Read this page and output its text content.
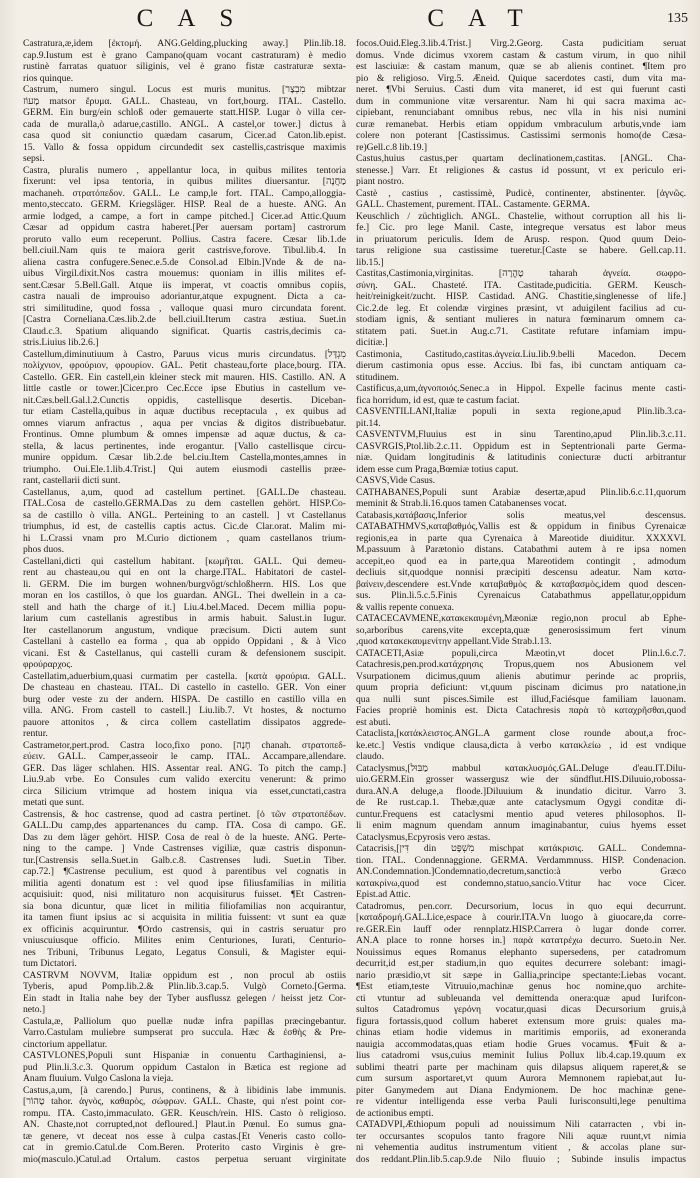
CAS	CAT	135
Castratura,æ,idem [ἐκτομή. ANG.Gelding,plucking away.] Plin.lib.18.
cap.9.Iustum est è grano Campano(quam vocant castraturam) è medio
rustinè farratas quatuor siliginis, vel è grano fistæ castraturæ sexta-
rios quinque.
Castrum, numero singul. Locus est muris munitus. [מִבְצָר mibtzar
מָעוֹז matsor ἔρυμα. GALL. Chasteau, vn fort,bourg. ITAL. Castello.
GERM. Ein burg/ein schloß oder gemauerte statt.HISP. Lugar ò villa cer-
cada de muralla,ò adarue,castillo. ANGL. A castel,or tower.] dictus à
casa quod sit coniunctio quædam casarum, Cicer.ad Caton.lib.epist.
15. Vallo & fossa oppidum circundedit sex castellis,castrisque maximis
sepsi.
Castra, pluralis numero , appellantur loca, in quibus milites tentoria
fixerunt: vel ipsa tentoria, in quibus milites diuersantur. [מַחֲנֶה
machaneh. στρατόπεδον. GALL. Le camp,le fort. ITAL. Campo,alloggia-
mento,steccato. GERM. Kriegsläger. HISP. Real de a hueste. ANG. An
armie lodged, a campe, a fort in campe pitched.] Cicer.ad Attic.Quum
Cæsar ad oppidum castra haberet.[Per auersam portam] castrorum
proruto vallo eum receperunt. Pollius. Castra facere. Cæsar lib.1.de
bell.ciuil.Nam quis te maiora gerit castrisve,forove. Tibul.lib.4. In
aliena castra confugere.Senec.e.5.de Consol.ad Elbin.]Vnde & de na-
uibus Virgil.dixit.Nos castra mouemus: quoniam in illis milites ef-
sent.Cæsar 5.Bell.Gall. Atque iis imperat, vt coactis omnibus copiis,
castra nauali de improuiso adoriantur,atque expugnent. Dicta a ca-
stri similitudine, quod fossa , valloque quasi muro circundata forent.
[Castra Corneliana.Cæs.lib.2.de bell.ciuil.Iterum castra æstiua. Suet.in
Claud.c.3. Spatium aliquando significat. Quartis castris,decimis ca-
stris.Liuius lib.2.6.]
Castellum,diminutiuum à Castro, Paruus vicus muris circundatus. [מִגְדָּל
πολίχνιον, φρούριον, φρουρίον. GAL. Petit chasteau,forte place,bourg. ITA.
Castello. GER. Ein castell,ein kleiner steck mit mauren. HIS. Castillo. AN. A
little castle or tower.]Cicer.pro Cec.Ecce ipse Ebutius in castellum ve-
nit.Cæs.bell.Gal.l.2.Cunctis oppidis, castellisque desertis. Diceban-
tur etiam Castella,quibus in aquæ ductibus receptacula , ex quibus ad
omnes viarum anfractus , aqua per vncias & digitos distribuebatur.
Frontinus. Omne plumbum & omnes impensæ ad aquæ ductus, & ca-
stella, & lacus pertinentes, inde erogantur. [Vallo castellisque circu-
munire oppidum. Cæsar lib.2.de bel.ciu.Item Castella,montes,amnes in
triumpho. Oui.Ele.1.lib.4.Trist.] Qui autem eiusmodi castellis præe-
rant, castellarii dicti sunt.
Castellanus, a,um, quod ad castellum pertinet. [GALL.De chasteau.
ITAL.Cosa de castello.GERMA.Das zu dem castellen gehört. HISP.Co-
sa de castillo ò villa. ANGL. Perteining to an castell. ] vt Castellanus
triumphus, id est, de castellis captis actus. Cic.de Clar.orat. Malim mi-
hi L.Crassi vnam pro M.Curio dictionem , quam castellanos trium-
phos duos.
Castellani,dicti qui castellum habitant. [κωμῆται. GALL. Qui demeu-
rent au chasteau,ou qui en ont la charge.ITAL. Habitatori de castel-
li. GERM. Die im burgen wohnen/burgvögt/schloßherrn. HIS. Los que
moran en los castillos, ò que los guardan. ANGL. Thei dwellein in a ca-
stell and hath the charge of it.] Liu.4.bel.Maced. Decem millia popu-
larium cum castellanis agrestibus in armis habuit. Salust.in Iugur.
Iter castellanorum angustum, vndique præcisum. Dicti autem sunt
Castellani à castello ea forma , qua ab oppido Oppidani , & à Vico
vicani. Est & Castellanus, qui castelli curam & defensionem suscipit.
φρούραρχος.
Castellatim,aduerbium,quasi curmatim per castella. [κατὰ φρούρια. GALL.
De chasteau en chasteau. ITAL. Di castello in castello. GER. Von einer
burg oder veste zu der andern. HISPA. De castillo en castillo villa en
villa. ANG. From castell to castell.] Liu.lib.7. Vt hostes, & nocturno
pauore attonitos , & circa collem castellatim dissipatos aggrede-
rentur.
Castrametor,pert.prod. Castra loco,fixo pono. [חָנָה chanah. στρατοπεδ-
εύειν. GALL. Camper,asseoir le camp. ITAL. Accampare,allendare.
GER. Das läger schlahen. HIS. Assentar real. ANG. To pitch the camp.]
Liu.9.ab vrbe. Eo Consules cum valido exercitu venerunt: & primo
circa Silicium vtrimque ad hostem iniqua via esset,cunctati,castra
metati que sunt.
Castrensis, & hoc castrense, quod ad castra pertinet. [ὁ τῶν στρατοπέδων.
GALL.Du camp,des appartenances du camp. ITA. Cosa di campo. GE.
Das zu dem läger gehört. HISP. Cosa de real ò de la hueste. ANG. Perte-
ning to the campe. ] Vnde Castrenses vigiliæ, quæ castris disponun-
tur.[Castrensis sella.Suet.in Galb.c.8. Castrenses ludi. Suet.in Tiber.
cap.72.] ¶Castrense peculium, est quod à parentibus vel cognatis in
militia agenti donatum est : vel quod ipse filiusfamilias in militia
acquisiuit: quod, nisi militaturo non acquisiturus fuisset. ¶Et Castren-
sia bona dicuntur, quæ licet in militia filiofamilias non acquirantur,
ita tamen fiunt ipsius ac si acquisita in militia fuissent: vt sunt ea quæ
ex officinis acquiruntur. ¶Ordo castrensis, qui in castris seruatur pro
vniuscuiusque officio. Milites enim Centuriones, Iurati, Centurio-
nes Tribuni, Tribunus Legato, Legatus Consuli, & Magister equi-
tum Dictatori.
CASTRVM NOVVM, Italiæ oppidum est , non procul ab ostiis
Tyberis, apud Pomp.lib.2.& Plin.lib.3.cap.5. Vulgò Corneto.[Germa.
Ein stadt in Italia nahe bey der Tyber ausflussz gelegen / heisst jetz Cor-
neto.]
Castula,æ, Palliolum quo puellæ nudæ infra papillas præcingebantur.
Varro.Castulam muliebre sumpserat pro succula. Hæc & ἐσθὴς & Pre-
cinctorium appellatur.
CASTVLONES,Populi sunt Hispaniæ in conuentu Carthaginiensi, a-
pud Plin.li.3.c.3. Quorum oppidum Castalon in Bætica est regione ad
Anam fluuium. Vulgo Caslona la vieja.
Castus,a,um, [à carendo.] Purus, continens, & à libidinis labe immunis.
[טָהוֹר tahor. ἁγνὸς, καθαρὸς, σώφρων. GALL. Chaste, qui n'est point cor-
rompu. ITA. Casto,immaculato. GER. Keusch/rein. HIS. Casto ò religioso.
AN. Chaste,not corrupted,not defloured.] Plaut.in Pœnul. Eo sumus gna-
tæ genere, vt deceat nos esse à culpa castas.[Et Veneris casto collo-
cat in gremio.Catul.de Com.Beren. Proterito casto Virginis è gre-
mio(masculo.)Catul.ad Ortalum. castos perpetua seruant virginitate
focos.Ouid.Eleg.3.lib.4.Trist.] Virg.2.Georg. Casta pudicitiam seruat
domus. Vnde dicimus vxorem castam & castum virum, in quo nihil
est lasciuiæ: & castam manum, quæ se ab alienis continet. ¶Item pro
pio & religioso. Virg.5. Æneid. Quique sacerdotes casti, dum vita ma-
neret. ¶Vbi Seruius. Casti dum vita maneret, id est qui fuerunt casti
dum in communione vitæ versarentur. Nam hi qui sacra maxima ac-
cipiebant, renunciabant omnibus rebus, nec vlla in his nisi numini
curæ remanebat. Herbis etiam oppidum vmbraculum arbutis,vnde iam
colere non poterant [Castissimus. Castissimi sermonis homo(de Cæsa-
re)Gell.c.8 lib.19.]
Castus,huius castus,per quartam declinationem,castitas. [ANGL. Cha-
stenesse.] Varr. Et religiones & castus id possunt, vt ex periculo eri-
piant nostro.
Castè , castius , castissimè, Pudicè, continenter, abstinenter. [ἁγνῶς.
GALL. Chastement, purement. ITAL. Castamente. GERMA.
Keuschlich / züchtiglich. ANGL. Chastelie, without corruption all his li-
fe.] Cic. pro lege Manil. Caste, integreque versatus est labor meus
in priuatorum periculis. Idem de Arusp. respon. Quod quum Deio-
tarus religione sua castissime tueretur.[Caste se habere. Gell.cap.11.
lib.15.]
Castitas,Castimonia,virginitas. [טָהֳרָה taharah ἁγνεία. σωφρο-
σύνη. GAL. Chasteté. ITA. Castitade,pudicitia. GERM. Keusch-
heit/reinigkeit/zucht. HISP. Castidad. ANG. Chastitie,singlenesse of life.]
Cic.2.de leg. Et colendæ virgines præsint, vt aduigilent facilius ad cu-
stodiam ignis, & sentiant mulieres in natura fœminarum omnem ca-
stitatem pati. Suet.in Aug.c.71. Castitate refutare infamiam impu-
dicitiæ.]
Castimonia, Castitudo,castitas.ἁγνεία.Liu.lib.9.belli Macedon. Decem
dierum castimonia opus esse. Accius. Ibi fas, ibi cunctam antiquam ca-
stitudinem.
Castificus,a,um,ἁγνοποιός.Senec.a in Hippol. Expelle facinus mente casti-
fica horridum, id est, quæ te castum faciat.
CASVENTILLANI,Italiæ populi in sexta regione,apud Plin.lib.3.ca-
pit.14.
CASVENTVM,Fluuius est in sinu Tarentino,apud Plin.lib.3.c.11.
CASVRGIS,Ptol.lib.2.c.11. Oppidum est in Septentrionali parte Germa-
niæ. Quidam longitudinis & latitudinis coniecturæ ducti arbitrantur
idem esse cum Praga,Bœmiæ totius caput.
CASVS,Vide Casus.
CATHABANES,Populi sunt Arabiæ desertæ,apud Plin.lib.6.c.11,quorum
meminit & Strab.li.16.quos tamen Catabanenses vocat.
Catabasis,κατάβασις,Inferior solis meatus,vel descensus.
CATABATHMVS,καταβαθμός,Vallis est & oppidum in finibus Cyrenaicæ
regionis,ea in parte qua Cyrenaica à Mareotide diuiditur. XXXXVI.
M.passuum à Parætonio distans. Catabathmi autem à re ipsa nomen
accepit,eo quod ea in parte,qua Mareotidem contingit , admodum
decliuis sit,quodque nonnisi præcipiti descensu adeatur. Nam κατα-
βαίνειν,descendere est.Vnde καταβαθμὸς & καταβασμὸς,idem quod descen-
sus. Plin.li.5.c.5.Finis Cyrenaicus Catabathmus appellatur,oppidum
& vallis repente conuexa.
CATACECAVMENE,κατακεκαυμένη,Mæoniæ regio,non procul ab Ephe-
so,arboribus carens,vite excepta,quæ generosissimum fert vinum
,quod κατακεκαυμενίτην appellant.Vide Strab.l.13.
CATACETI,Asiæ populi,circa Mæotin,vt docet Plin.l.6.c.7.
Catachresis,pen.prod.κατάχρησις Tropus,quem nos Abusionem vel
Vsurpationem dicimus,quum alienis abutimur perinde ac propriis,
quum propria deficiunt: vt,quum piscinam dicimus pro natatione,in
qua nulli sunt pisces.Simile est illud,Faciésque familiam lauonam.
Facies propriè hominis est. Dicta Catachresis παρὰ τὸ καταχρῆσθαι,quod
est abuti.
Cataclista,[κατάκλειστος.ANGL.A garment close rounde about,a froc-
ke.etc.] Vestis vndique clausa,dicta à verbo κατακλείω , id est vndique
claudo.
Cataclysmus,[מַבּוּל mabbul κατακλυσμός.GAL.Deluge d'eau.IT.Dilu-
uio.GERM.Ein grosser wassergusz wie der sündflut.HIS.Diluuio,robossa-
dura.AN.A deluge,a floode.]Diluuium & inundatio dicitur. Varro 3.
de Re rust.cap.1. Thebæ,quæ ante cataclysmum Ogygi conditæ di-
cuntur.Frequens est cataclysmi mentio apud veteres philosophos. Il-
li enim magnum quendam annum imaginabantur, cuius hyems esset
Cataclysmus,Ecpyrosis vero æstas.
Catacrisis,[דִּין din מִשְׁפָּט mischpat κατάκρισις. GALL. Condemna-
tion. ITAL. Condennaggione. GERMA. Verdammnuss. HISP. Condenacion.
AN.Condemnation.]Condemnatio,decretum,sanctio:à verbo Græco
κατακρίνω,quod est condemno,statuo,sancio.Vtitur hac voce Cicer.
Epist.ad Attic.
Catadromus, pen.corr. Decursorium, locus in quo equi decurrunt.
[καταδρομή.GAL.Lice,espace à courir.ITA.Vn luogo à giuocare,da corre-
re.GER.Ein lauff oder rennplatz.HISP.Carrera ò lugar donde correr.
AN.A place to ronne horses in.] παρὰ κατατρέχω decurro. Sueto.in Ner.
Nouissimus eques Romanus elephanto supersedens, per catadromum
decurrit,id est,per stadium,in quo equites decurrere solebant: imagi-
nario præsidio,vt sit sæpe in Gallia,principe spectante:Liebas vocant.
¶Est etiam,teste Vitruuio,machinæ genus hoc nomine,quo archite-
cti vtuntur ad subleuanda vel demittenda onera:quæ apud Iurifcon-
sultos Catadromus γερόνη vocatur,quasi dicas Decursorium gruis,à
figura fortassis,quod collum haberet extensum more gruis: quales ma-
chinas etiam hodie videmus in maritimis emporiis, ad exoneranda
nauigia accommodatas,quas etiam hodie Grues vocamus. ¶Fuit & a-
lius catadromi vsus,cuius meminit Iulius Pollux lib.4.cap.19.quum ex
sublimi theatri parte per machinam quis dilapsus aliquem raperet,& se
cum sursum asportaret,vt quum Aurora Memnonem rapiebat,aut Iu-
piter Ganymedem aut Diana Endymionem. De hoc machinæ gene-
re videntur intelligenda esse verba Pauli Iurisconsulti,lege penultima
de actionibus empti.
CATADVPI,Æthiopum populi ad nouissimum Nili catarracten , vbi in-
ter occursantes scopulos tanto fragore Nili aquæ ruunt,vt nimia
ni vehementia auditus instrumentum vitient , & accolas plane sur-
dos reddant.Plin.lib.5.cap.9.de Nilo fluuio ; Subinde insulis impactus
